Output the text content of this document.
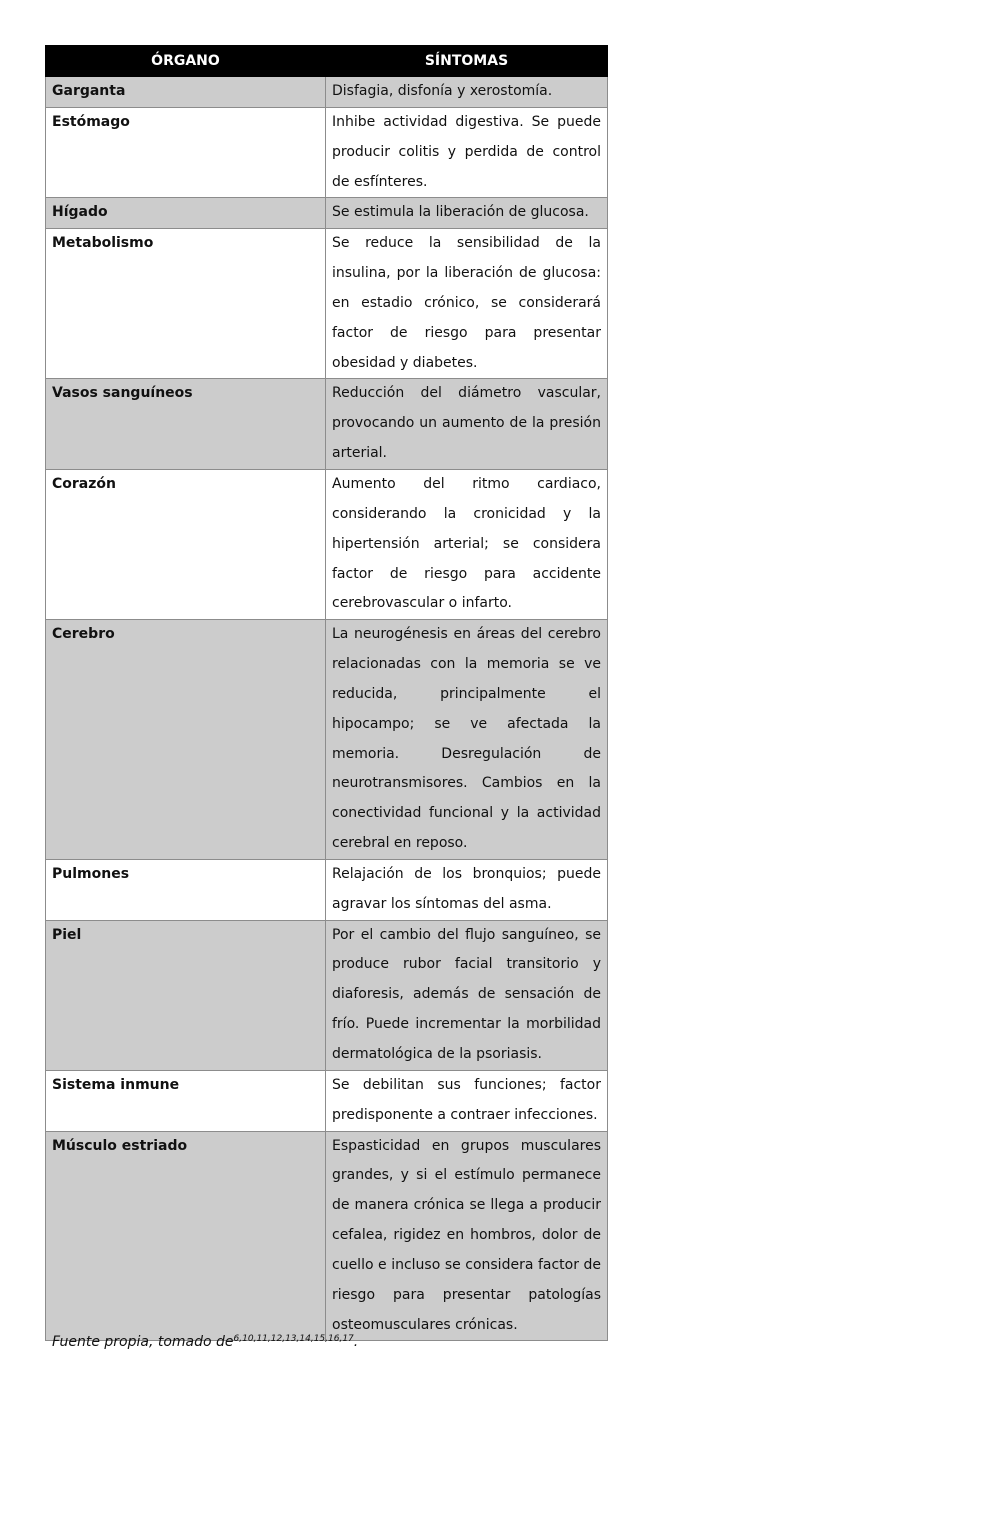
ÓRGANO	SÍNTOMAS
Garganta	Disfagia, disfonía y xerostomía.
Estómago	Inhibe actividad digestiva. Se puede producir colitis y perdida de control de esfínteres.
Hígado	Se estimula la liberación de glucosa.
Metabolismo	Se reduce la sensibilidad de la insulina, por la liberación de glucosa: en estadio crónico, se considerará factor de riesgo para presentar obesidad y diabetes.
Vasos sanguíneos	Reducción del diámetro vascular, provocando un aumento de la presión arterial.
Corazón	Aumento del ritmo cardiaco, considerando la cronicidad y la hipertensión arterial; se considera factor de riesgo para accidente cerebrovascular o infarto.
Cerebro	La neurogénesis en áreas del cerebro relacionadas con la memoria se ve reducida, principalmente el hipocampo; se ve afectada la memoria. Desregulación de neurotransmisores. Cambios en la conectividad funcional y la actividad cerebral en reposo.
Pulmones	Relajación de los bronquios; puede agravar los síntomas del asma.
Piel	Por el cambio del flujo sanguíneo, se produce rubor facial transitorio y diaforesis, además de sensación de frío. Puede incrementar la morbilidad dermatológica de la psoriasis.
Sistema inmune	Se debilitan sus funciones; factor predisponente a contraer infecciones.
Músculo estriado	Espasticidad en grupos musculares grandes, y si el estímulo permanece de manera crónica se llega a producir cefalea, rigidez en hombros, dolor de cuello e incluso se considera factor de riesgo para presentar patologías osteomusculares crónicas.
Fuente propia, tomado de$^{6,10,11,12,13,14,15,16,17}$.
